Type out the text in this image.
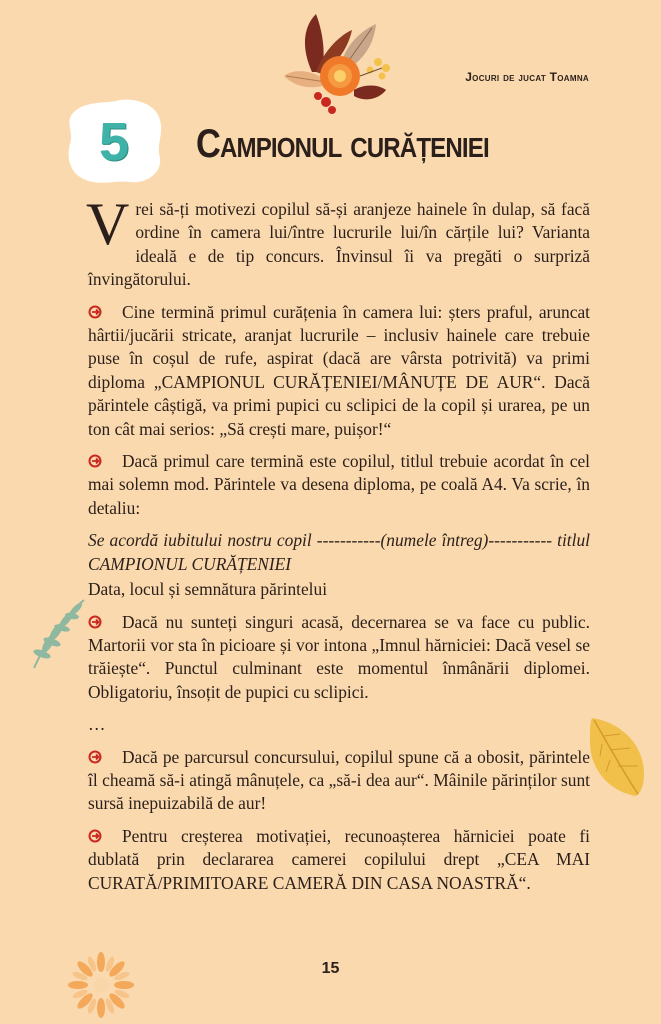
Jocuri de jucat Toamna
5	Campionul curățeniei

Vrei să-ți motivezi copilul să-și aranjeze hainele în dulap, să facă ordine în camera lui/între lucrurile lui/în cărțile lui? Varianta ideală e de tip concurs. Învinsul îi va pregăti o surpriză învingătorului.

Cine termină primul curățenia în camera lui: șters praful, aruncat hârtii/jucării stricate, aranjat lucrurile – inclusiv hainele care trebuie puse în coșul de rufe, aspirat (dacă are vârsta potrivită) va primi diploma „CAMPIONUL CURĂȚENIEI/MÂNUȚE DE AUR“. Dacă părintele câștigă, va primi pupici cu sclipici de la copil și urarea, pe un ton cât mai serios: „Să crești mare, puișor!“

Dacă primul care termină este copilul, titlul trebuie acordat în cel mai solemn mod. Părintele va desena diploma, pe coală A4. Va scrie, în detaliu:

Se acordă iubitului nostru copil -----------(numele întreg)----------- titlul CAMPIONUL CURĂȚENIEI

Data, locul și semnătura părintelui

Dacă nu sunteți singuri acasă, decernarea se va face cu public. Martorii vor sta în picioare și vor intona „Imnul hărniciei: Dacă vesel se trăiește“. Punctul culminant este momentul înmânării diplomei. Obligatoriu, însoțit de pupici cu sclipici.

…

Dacă pe parcursul concursului, copilul spune că a obosit, părintele îl cheamă să-i atingă mânuțele, ca „să-i dea aur“. Mâinile părinților sunt sursă inepuizabilă de aur!

Pentru creșterea motivației, recunoașterea hărniciei poate fi dublată prin declararea camerei copilului drept „CEA MAI CURATĂ/PRIMITOARE CAMERĂ DIN CASA NOASTRĂ“.

15
